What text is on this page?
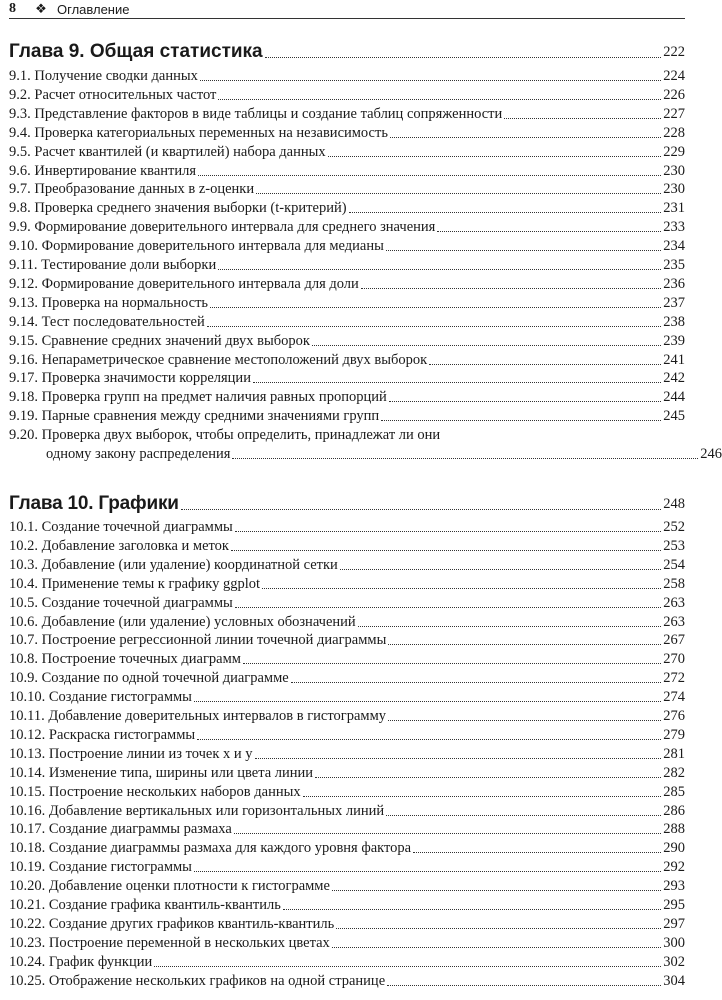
8	❖ Оглавление
Глава 9. Общая статистика	222
9.1. Получение сводки данных	224
9.2. Расчет относительных частот	226
9.3. Представление факторов в виде таблицы и создание таблиц сопряженности	227
9.4. Проверка категориальных переменных на независимость	228
9.5. Расчет квантилей (и квартилей) набора данных	229
9.6. Инвертирование квантиля	230
9.7. Преобразование данных в z-оценки	230
9.8. Проверка среднего значения выборки (t-критерий)	231
9.9. Формирование доверительного интервала для среднего значения	233
9.10. Формирование доверительного интервала для медианы	234
9.11. Тестирование доли выборки	235
9.12. Формирование доверительного интервала для доли	236
9.13. Проверка на нормальность	237
9.14. Тест последовательностей	238
9.15. Сравнение средних значений двух выборок	239
9.16. Непараметрическое сравнение местоположений двух выборок	241
9.17. Проверка значимости корреляции	242
9.18. Проверка групп на предмет наличия равных пропорций	244
9.19. Парные сравнения между средними значениями групп	245
9.20. Проверка двух выборок, чтобы определить, принадлежат ли они
одному закону распределения	246
Глава 10. Графики	248
10.1. Создание точечной диаграммы	252
10.2. Добавление заголовка и меток	253
10.3. Добавление (или удаление) координатной сетки	254
10.4. Применение темы к графику ggplot	258
10.5. Создание точечной диаграммы	263
10.6. Добавление (или удаление) условных обозначений	263
10.7. Построение регрессионной линии точечной диаграммы	267
10.8. Построение точечных диаграмм	270
10.9. Создание по одной точечной диаграмме	272
10.10. Создание гистограммы	274
10.11. Добавление доверительных интервалов в гистограмму	276
10.12. Раскраска гистограммы	279
10.13. Построение линии из точек x и y	281
10.14. Изменение типа, ширины или цвета линии	282
10.15. Построение нескольких наборов данных	285
10.16. Добавление вертикальных или горизонтальных линий	286
10.17. Создание диаграммы размаха	288
10.18. Создание диаграммы размаха для каждого уровня фактора	290
10.19. Создание гистограммы	292
10.20. Добавление оценки плотности к гистограмме	293
10.21. Создание графика квантиль-квантиль	295
10.22. Создание других графиков квантиль-квантиль	297
10.23. Построение переменной в нескольких цветах	300
10.24. График функции	302
10.25. Отображение нескольких графиков на одной странице	304
